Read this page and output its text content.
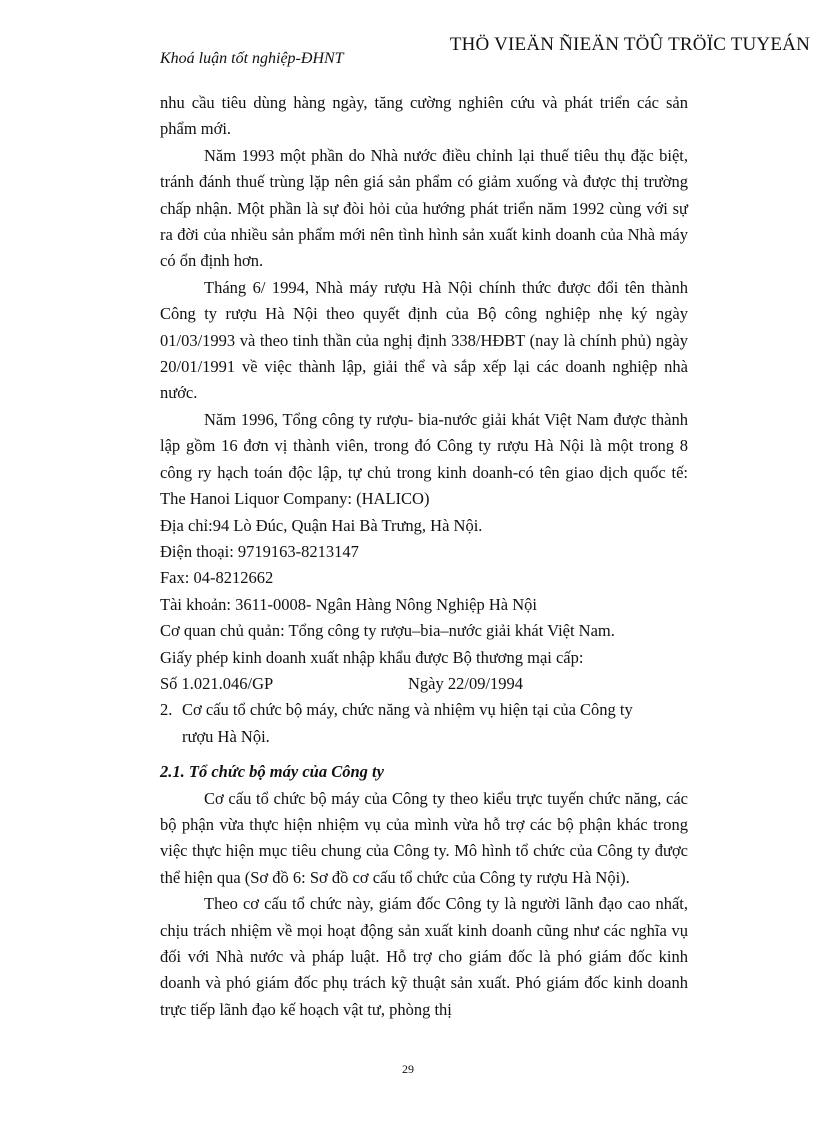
THÖ VIEÄN ÑIEÄN TÖÛ TRÖÏC TUYEÁN
Khoá luận tốt nghiệp-ĐHNT

nhu cầu tiêu dùng hàng ngày, tăng cường nghiên cứu và phát triển các sản phẩm mới.

Năm 1993 một phần do Nhà nước điều chỉnh lại thuế tiêu thụ đặc biệt, tránh đánh thuế trùng lặp nên giá sản phẩm có giảm xuống và được thị trường chấp nhận. Một phần là sự đòi hỏi của hướng phát triển năm 1992 cùng với sự ra đời của nhiều sản phẩm mới nên tình hình sản xuất kinh doanh của Nhà máy có ổn định hơn.

Tháng 6/ 1994, Nhà máy rượu Hà Nội chính thức được đổi tên thành Công ty rượu Hà Nội theo quyết định của Bộ công nghiệp nhẹ ký ngày 01/03/1993 và theo tinh thần của nghị định 338/HĐBT (nay là chính phủ) ngày 20/01/1991 về việc thành lập, giải thể và sắp xếp lại các doanh nghiệp nhà nước.

Năm 1996, Tổng công ty rượu- bia-nước giải khát Việt Nam được thành lập gồm 16 đơn vị thành viên, trong đó Công ty rượu Hà Nội là một trong 8 công ry hạch toán độc lập, tự chủ trong kinh doanh-có tên giao dịch quốc tế: The Hanoi Liquor Company: (HALICO)

Địa chỉ:94 Lò Đúc, Quận Hai Bà Trưng, Hà Nội.

Điện thoại: 9719163-8213147

Fax: 04-8212662

Tài khoản: 3611-0008- Ngân Hàng Nông Nghiệp Hà Nội

Cơ quan chủ quản: Tổng công ty rượu–bia–nước giải khát Việt Nam.

Giấy phép kinh doanh xuất nhập khẩu được Bộ thương mại cấp:

Số 1.021.046/GP	Ngày 22/09/1994
2. Cơ cấu tổ chức bộ máy, chức năng và nhiệm vụ hiện tại của Công ty
rượu Hà Nội.

2.1. Tổ chức bộ máy của Công ty

Cơ cấu tổ chức bộ máy của Công ty theo kiểu trực tuyến chức năng, các bộ phận vừa thực hiện nhiệm vụ của mình vừa hỗ trợ các bộ phận khác trong việc thực hiện mục tiêu chung của Công ty. Mô hình tổ chức của Công ty được thể hiện qua (Sơ đồ 6: Sơ đồ cơ cấu tổ chức của Công ty rượu Hà Nội).

Theo cơ cấu tổ chức này, giám đốc Công ty là người lãnh đạo cao nhất, chịu trách nhiệm về mọi hoạt động sản xuất kinh doanh cũng như các nghĩa vụ đối với Nhà nước và pháp luật. Hỗ trợ cho giám đốc là phó giám đốc kinh doanh và phó giám đốc phụ trách kỹ thuật sản xuất. Phó giám đốc kinh doanh trực tiếp lãnh đạo kế hoạch vật tư, phòng thị

29
